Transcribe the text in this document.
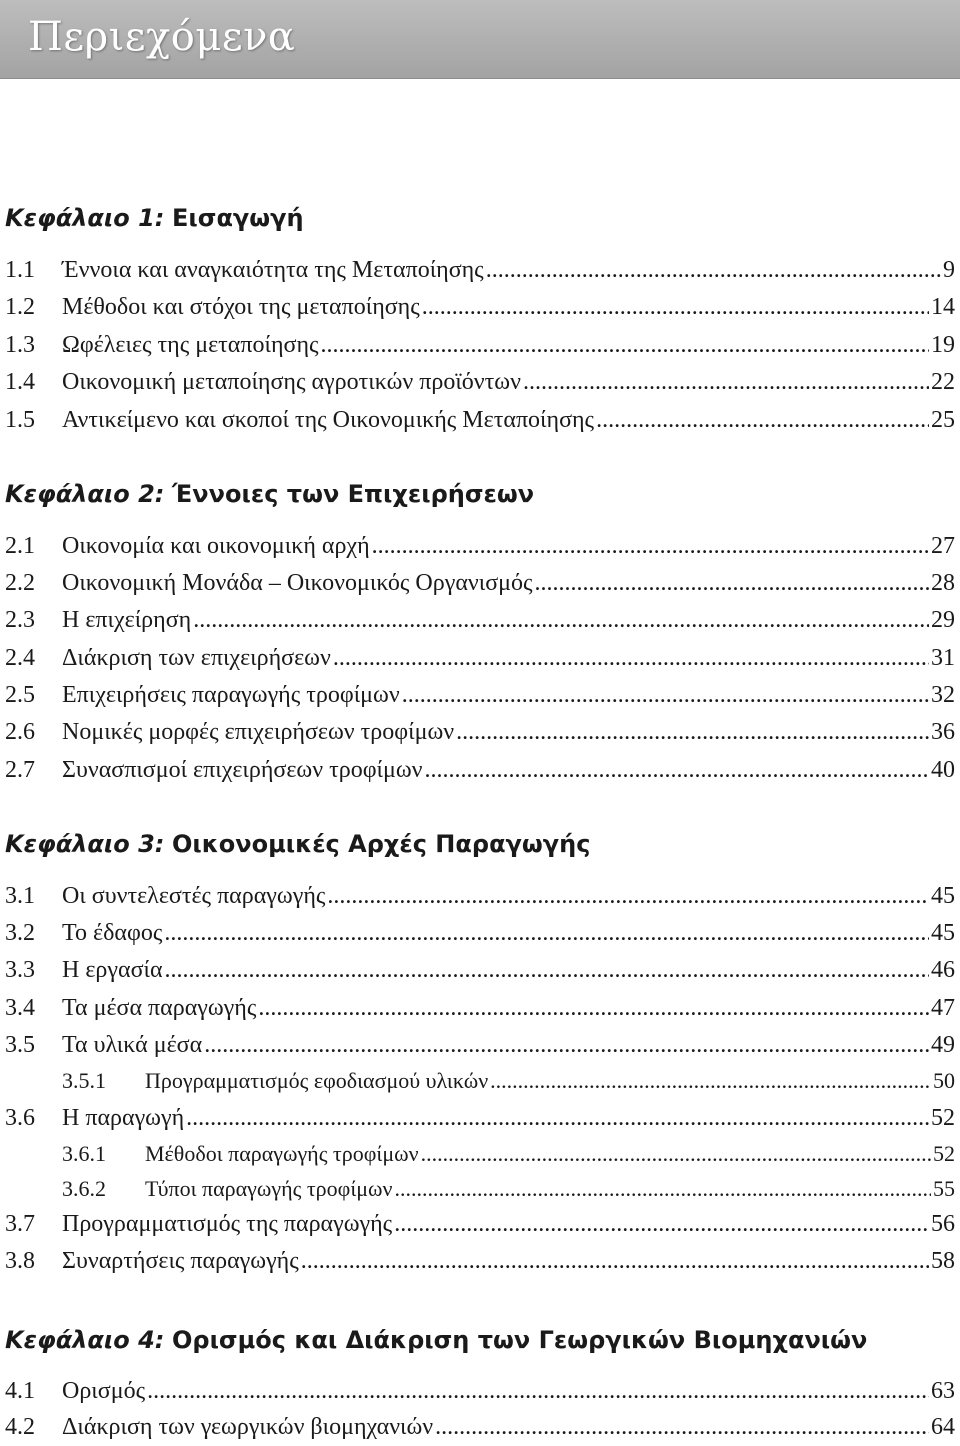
Περιεχόμενα
Κεφάλαιο 1: Εισαγωγή
1.1	Έννοια και αναγκαιότητα της Μεταποίησης .....	9
1.2	Μέθοδοι και στόχοι της μεταποίησης .....	14
1.3	Ωφέλειες της μεταποίησης .....	19
1.4	Οικονομική μεταποίησης αγροτικών προϊόντων .....	22
1.5	Αντικείμενο και σκοποί της Οικονομικής Μεταποίησης .....	25
Κεφάλαιο 2: Έννοιες των Επιχειρήσεων
2.1	Οικονομία και οικονομική αρχή .....	27
2.2	Οικονομική Μονάδα – Οικονομικός Οργανισμός .....	28
2.3	Η επιχείρηση .....	29
2.4	Διάκριση των επιχειρήσεων .....	31
2.5	Επιχειρήσεις παραγωγής τροφίμων .....	32
2.6	Νομικές μορφές επιχειρήσεων τροφίμων .....	36
2.7	Συνασπισμοί επιχειρήσεων τροφίμων .....	40
Κεφάλαιο 3: Οικονομικές Αρχές Παραγωγής
3.1	Οι συντελεστές παραγωγής .....	45
3.2	Το έδαφος .....	45
3.3	Η εργασία .....	46
3.4	Τα μέσα παραγωγής .....	47
3.5	Τα υλικά μέσα .....	49
3.5.1	Προγραμματισμός εφοδιασμού υλικών .....	50
3.6	Η παραγωγή .....	52
3.6.1	Μέθοδοι παραγωγής τροφίμων .....	52
3.6.2	Τύποι παραγωγής τροφίμων .....	55
3.7	Προγραμματισμός της παραγωγής .....	56
3.8	Συναρτήσεις παραγωγής .....	58
Κεφάλαιο 4: Ορισμός και Διάκριση των Γεωργικών Βιομηχανιών
4.1	Ορισμός .....	63
4.2	Διάκριση των γεωργικών βιομηχανιών .....	64
